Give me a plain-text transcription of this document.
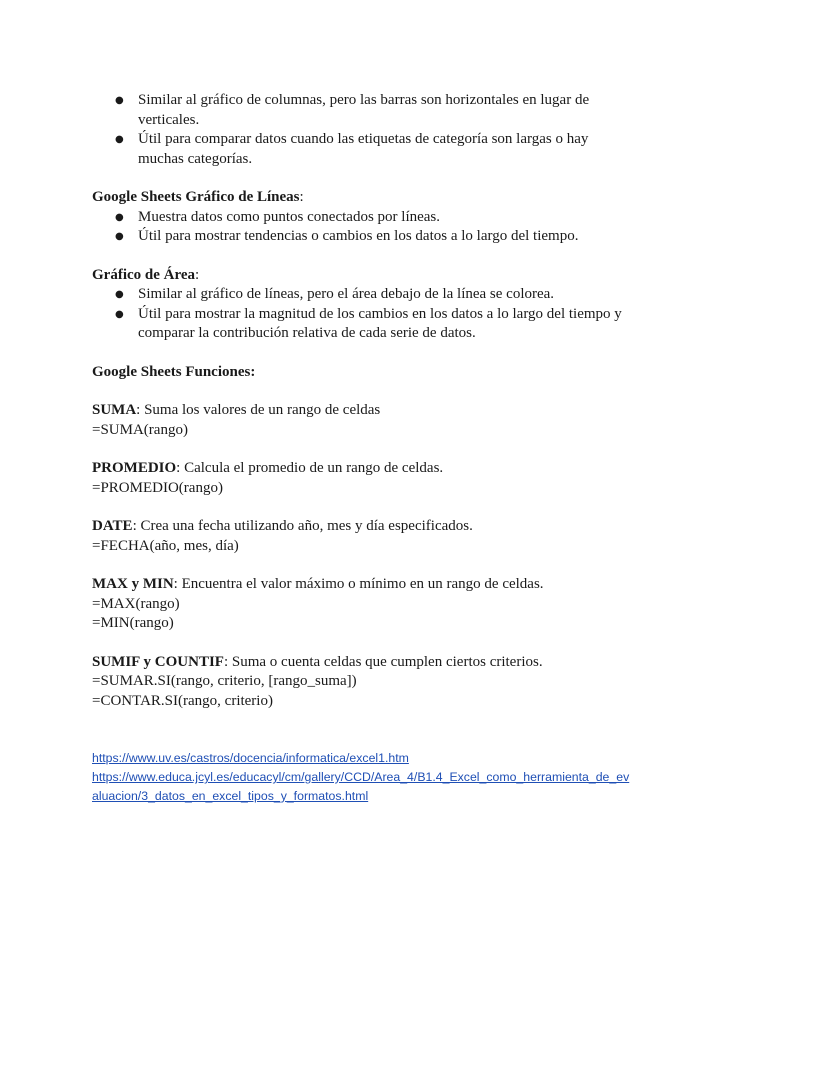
● Similar al gráfico de columnas, pero las barras son horizontales en lugar de
verticales.
● Útil para comparar datos cuando las etiquetas de categoría son largas o hay
muchas categorías.
Google Sheets Gráfico de Líneas:
● Muestra datos como puntos conectados por líneas.
● Útil para mostrar tendencias o cambios en los datos a lo largo del tiempo.
Gráfico de Área:
● Similar al gráfico de líneas, pero el área debajo de la línea se colorea.
● Útil para mostrar la magnitud de los cambios en los datos a lo largo del tiempo y
comparar la contribución relativa de cada serie de datos.
Google Sheets Funciones:
SUMA: Suma los valores de un rango de celdas
=SUMA(rango)
PROMEDIO: Calcula el promedio de un rango de celdas.
=PROMEDIO(rango)
DATE: Crea una fecha utilizando año, mes y día especificados.
=FECHA(año, mes, día)
MAX y MIN: Encuentra el valor máximo o mínimo en un rango de celdas.
=MAX(rango)
=MIN(rango)
SUMIF y COUNTIF: Suma o cuenta celdas que cumplen ciertos criterios.
=SUMAR.SI(rango, criterio, [rango_suma])
=CONTAR.SI(rango, criterio)
https://www.uv.es/castros/docencia/informatica/excel1.htm
https://www.educa.jcyl.es/educacyl/cm/gallery/CCD/Area_4/B1.4_Excel_como_herramienta_de_ev
aluacion/3_datos_en_excel_tipos_y_formatos.html
